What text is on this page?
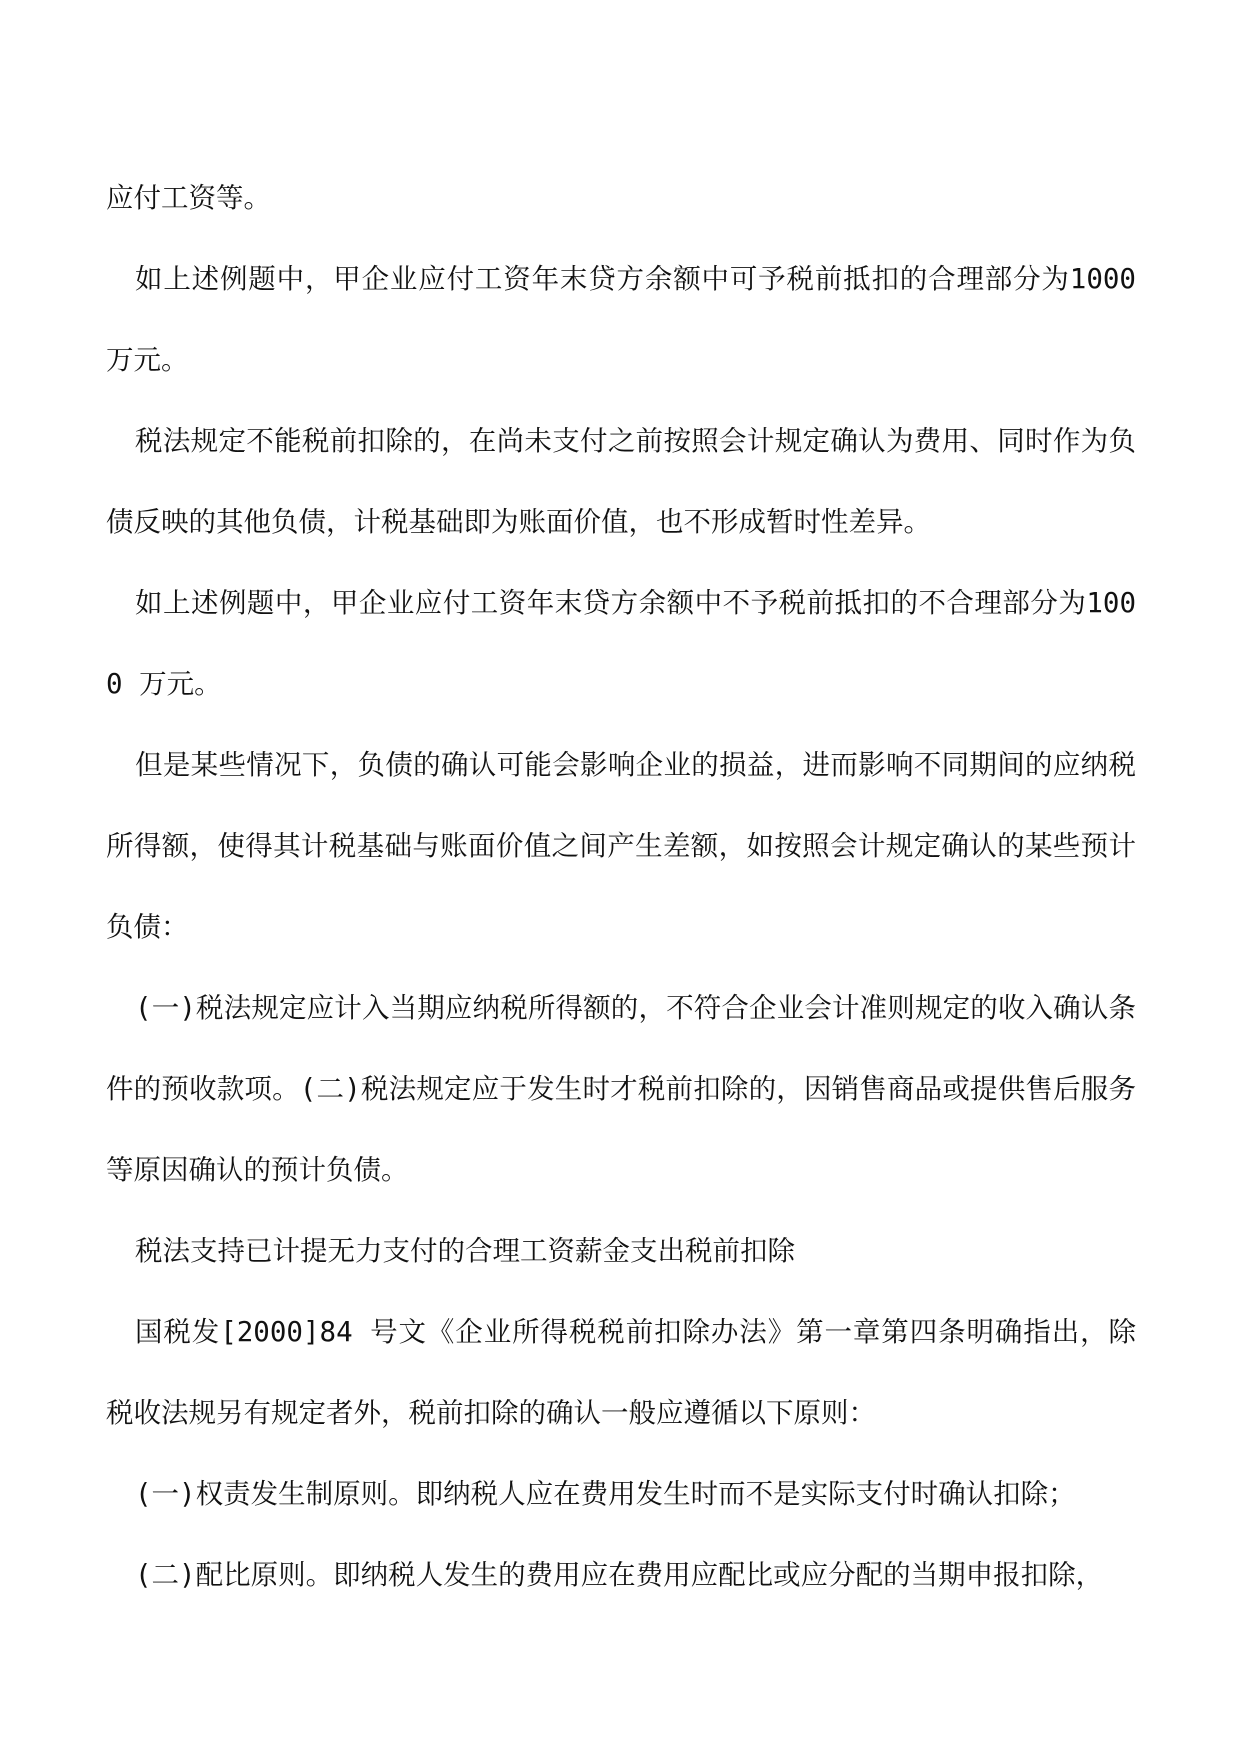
应付工资等。

如上述例题中，甲企业应付工资年末贷方余额中可予税前抵扣的合理部分为1000 万元。

税法规定不能税前扣除的，在尚未支付之前按照会计规定确认为费用、同时作为负债反映的其他负债，计税基础即为账面价值，也不形成暂时性差异。

如上述例题中，甲企业应付工资年末贷方余额中不予税前抵扣的不合理部分为1000 万元。

但是某些情况下，负债的确认可能会影响企业的损益，进而影响不同期间的应纳税所得额，使得其计税基础与账面价值之间产生差额，如按照会计规定确认的某些预计负债：

(一)税法规定应计入当期应纳税所得额的，不符合企业会计准则规定的收入确认条件的预收款项。(二)税法规定应于发生时才税前扣除的，因销售商品或提供售后服务等原因确认的预计负债。

税法支持已计提无力支付的合理工资薪金支出税前扣除

国税发[2000]84 号文《企业所得税税前扣除办法》第一章第四条明确指出，除税收法规另有规定者外，税前扣除的确认一般应遵循以下原则：

(一)权责发生制原则。即纳税人应在费用发生时而不是实际支付时确认扣除；

(二)配比原则。即纳税人发生的费用应在费用应配比或应分配的当期申报扣除，
